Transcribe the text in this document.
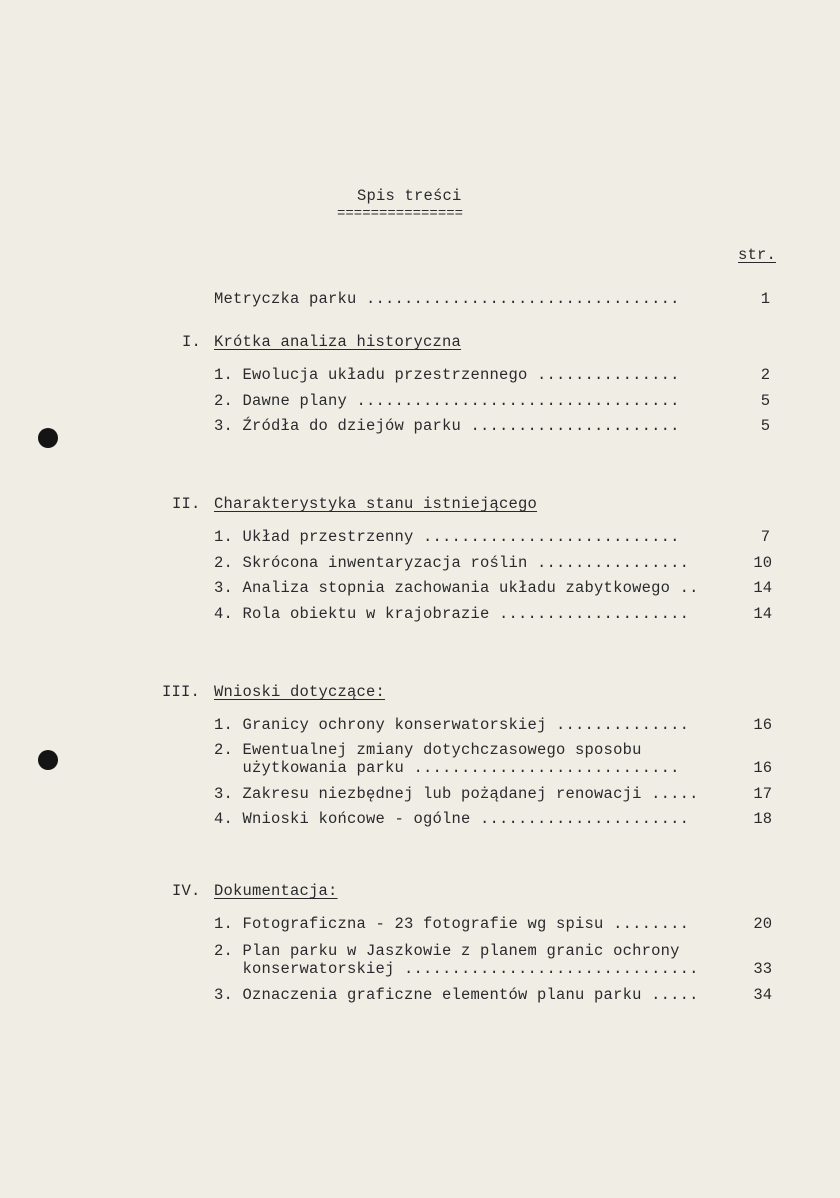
Spis treści
===============
str.
Metryczka parku .................................	1
I. Krótka analiza historyczna
1. Ewolucja układu przestrzennego ...............	2
2. Dawne plany ..................................	5
3. Źródła do dziejów parku ......................	5
II. Charakterystyka stanu istniejącego
1. Układ przestrzenny ...........................	7
2. Skrócona inwentaryzacja roślin ................	10
3. Analiza stopnia zachowania układu zabytkowego ..	14
4. Rola obiektu w krajobrazie ....................	14
III. Wnioski dotyczące:
1. Granicy ochrony konserwatorskiej ..............	16
2. Ewentualnej zmiany dotychczasowego sposobu
użytkowania parku ............................	16
3. Zakresu niezbędnej lub pożądanej renowacji .....	17
4. Wnioski końcowe - ogólne ......................	18
IV. Dokumentacja:
1. Fotograficzna - 23 fotografie wg spisu ........	20
2. Plan parku w Jaszkowie z planem granic ochrony
konserwatorskiej ...............................	33
3. Oznaczenia graficzne elementów planu parku .....	34
